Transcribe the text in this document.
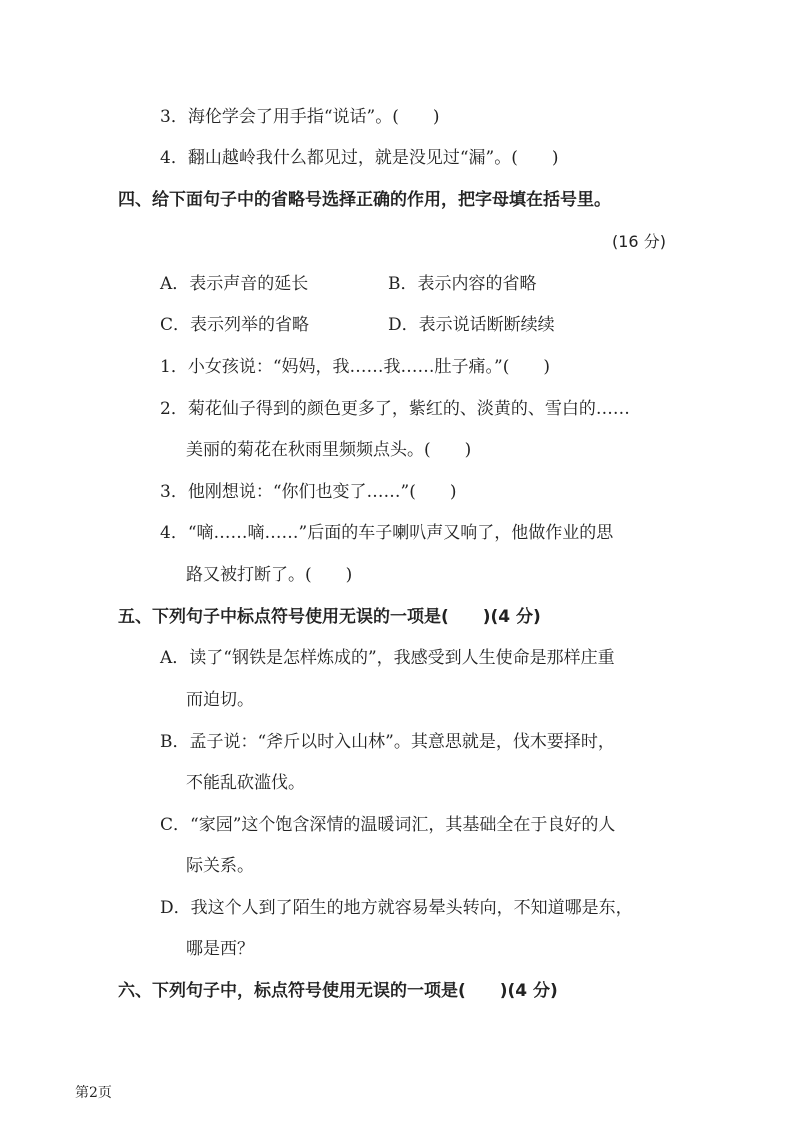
3．海伦学会了用手指“说话”。(　　)
4．翻山越岭我什么都见过，就是没见过“漏”。(　　)
四、给下面句子中的省略号选择正确的作用，把字母填在括号里。
(16 分)
A．表示声音的延长	B．表示内容的省略
C．表示列举的省略	D．表示说话断断续续
1．小女孩说：“妈妈，我……我……肚子痛。”(　　)
2．菊花仙子得到的颜色更多了，紫红的、淡黄的、雪白的……
美丽的菊花在秋雨里频频点头。(　　)
3．他刚想说：“你们也变了……”(　　)
4．“嘀……嘀……”后面的车子喇叭声又响了，他做作业的思
路又被打断了。(　　)
五、下列句子中标点符号使用无误的一项是(　　)(4 分)
A．读了“钢铁是怎样炼成的”，我感受到人生使命是那样庄重
而迫切。
B．孟子说：“斧斤以时入山林”。其意思就是，伐木要择时，
不能乱砍滥伐。
C．“家园”这个饱含深情的温暖词汇，其基础全在于良好的人
际关系。
D．我这个人到了陌生的地方就容易晕头转向，不知道哪是东，
哪是西？
六、下列句子中，标点符号使用无误的一项是(　　)(4 分)
第2页
